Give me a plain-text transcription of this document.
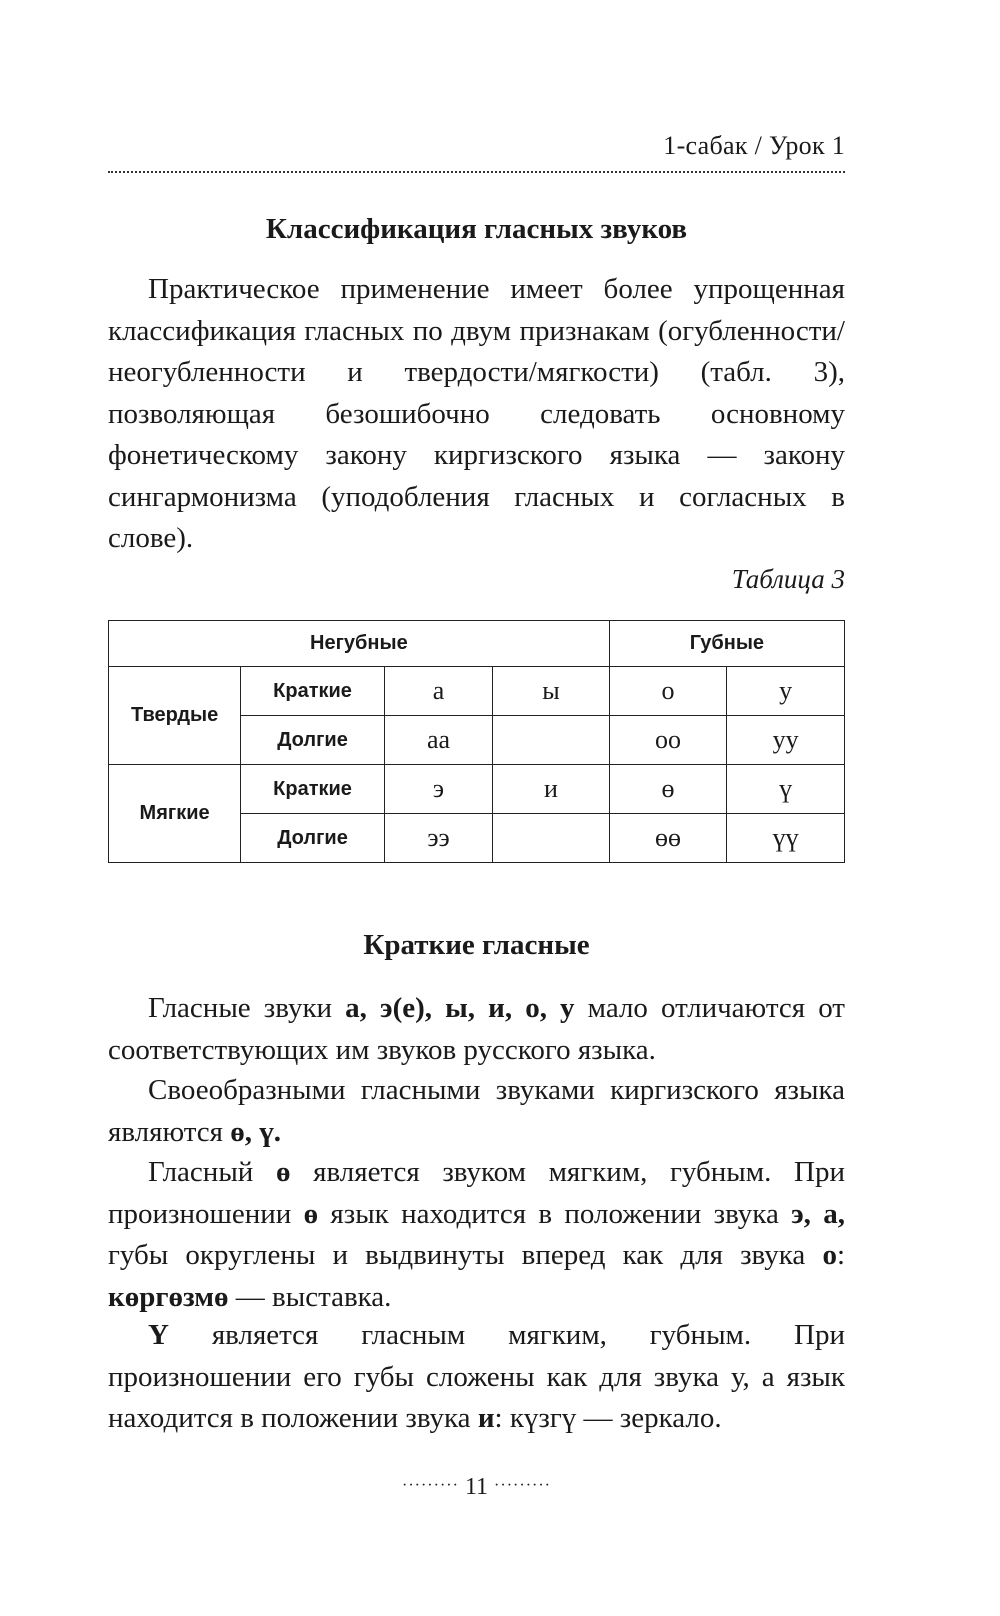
1-сабак / Урок 1
Классификация гласных звуков

Практическое применение имеет более упрощенная классификация гласных по двум признакам (огубленности/неогубленности и твердости/мягкости) (табл. 3), позволяющая безошибочно следовать основному фонетическому закону киргизского языка — закону сингармонизма (уподобления гласных и согласных в слове).

Таблица 3
Негубные				Губные	
Твердые	Краткие	а	ы	о	у
	Долгие	аа		оо	уу
Мягкие	Краткие	э	и	ө	ү
	Долгие	ээ		өө	үү
Краткие гласные

Гласные звуки а, э(е), ы, и, о, у мало отличаются от соответствующих им звуков русского языка.

Своеобразными гласными звуками киргизского языка являются ө, ү.

Гласный ө является звуком мягким, губным. При произношении ө язык находится в положении звука э, а, губы округлены и выдвинуты вперед как для звука о: көргөзмө — выставка.

Ү является гласным мягким, губным. При произношении его губы сложены как для звука у, а язык находится в положении звука и: күзгү — зеркало.

········· 11 ·········
